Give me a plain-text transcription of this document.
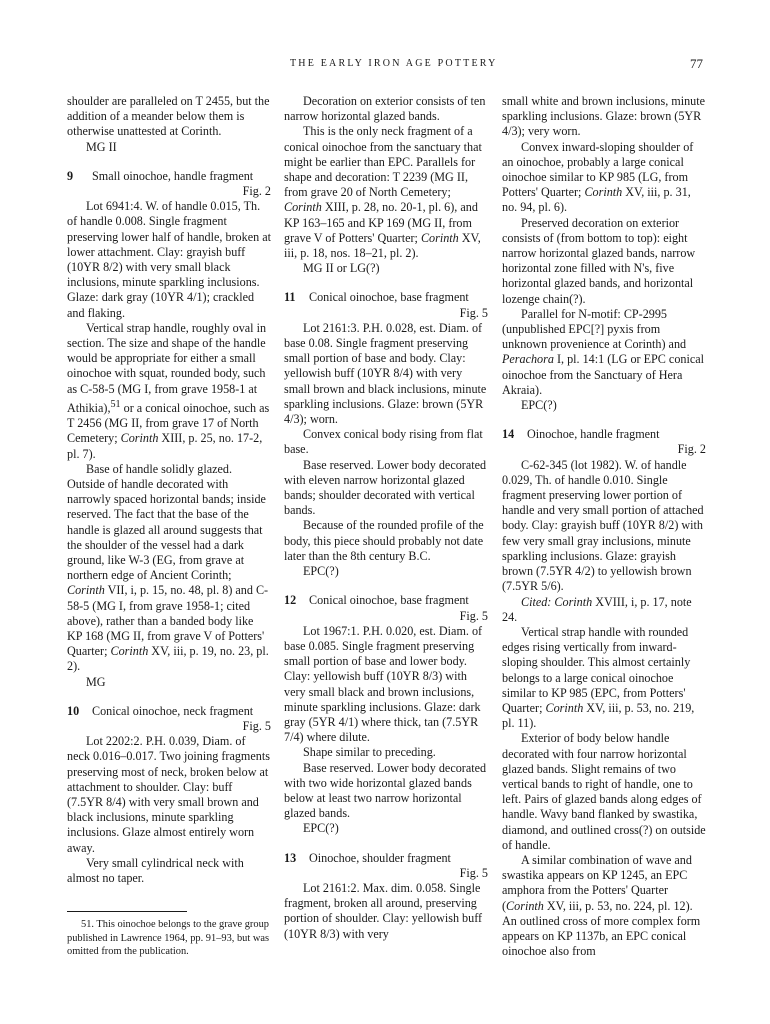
THE EARLY IRON AGE POTTERY	77

shoulder are paralleled on T 2455, but the addition of a meander below them is otherwise unattested at Corinth.

MG II

9	Small oinochoe, handle fragment
Fig. 2

Lot 6941:4. W. of handle 0.015, Th. of handle 0.008. Single fragment preserving lower half of handle, broken at lower attachment. Clay: grayish buff (10YR 8/2) with very small black inclusions, minute sparkling inclusions. Glaze: dark gray (10YR 4/1); crackled and flaking.

Vertical strap handle, roughly oval in section. The size and shape of the handle would be appropriate for either a small oinochoe with squat, rounded body, such as C-58-5 (MG I, from grave 1958-1 at Athikia),$^{51}$ or a conical oinochoe, such as T 2456 (MG II, from grave 17 of North Cemetery; Corinth XIII, p. 25, no. 17-2, pl. 7).

Base of handle solidly glazed. Outside of handle decorated with narrowly spaced horizontal bands; inside reserved. The fact that the base of the handle is glazed all around suggests that the shoulder of the vessel had a dark ground, like W-3 (EG, from grave at northern edge of Ancient Corinth; Corinth VII, i, p. 15, no. 48, pl. 8) and C-58-5 (MG I, from grave 1958-1; cited above), rather than a banded body like KP 168 (MG II, from grave V of Potters' Quarter; Corinth XV, iii, p. 19, no. 23, pl. 2).

MG

10	Conical oinochoe, neck fragment
Fig. 5

Lot 2202:2. P.H. 0.039, Diam. of neck 0.016–0.017. Two joining fragments preserving most of neck, broken below at attachment to shoulder. Clay: buff (7.5YR 8/4) with very small brown and black inclusions, minute sparkling inclusions. Glaze almost entirely worn away.

Very small cylindrical neck with almost no taper.

51. This oinochoe belongs to the grave group published in Lawrence 1964, pp. 91–93, but was omitted from the publication.

Decoration on exterior consists of ten narrow horizontal glazed bands.

This is the only neck fragment of a conical oinochoe from the sanctuary that might be earlier than EPC. Parallels for shape and decoration: T 2239 (MG II, from grave 20 of North Cemetery; Corinth XIII, p. 28, no. 20-1, pl. 6), and KP 163–165 and KP 169 (MG II, from grave V of Potters' Quarter; Corinth XV, iii, p. 18, nos. 18–21, pl. 2).

MG II or LG(?)

11	Conical oinochoe, base fragment
Fig. 5

Lot 2161:3. P.H. 0.028, est. Diam. of base 0.08. Single fragment preserving small portion of base and body. Clay: yellowish buff (10YR 8/4) with very small brown and black inclusions, minute sparkling inclusions. Glaze: brown (5YR 4/3); worn.

Convex conical body rising from flat base.

Base reserved. Lower body decorated with eleven narrow horizontal glazed bands; shoulder decorated with vertical bands.

Because of the rounded profile of the body, this piece should probably not date later than the 8th century B.C.

EPC(?)

12	Conical oinochoe, base fragment
Fig. 5

Lot 1967:1. P.H. 0.020, est. Diam. of base 0.085. Single fragment preserving small portion of base and lower body. Clay: yellowish buff (10YR 8/3) with very small black and brown inclusions, minute sparkling inclusions. Glaze: dark gray (5YR 4/1) where thick, tan (7.5YR 7/4) where dilute.

Shape similar to preceding.

Base reserved. Lower body decorated with two wide horizontal glazed bands below at least two narrow horizontal glazed bands.

EPC(?)

13	Oinochoe, shoulder fragment
Fig. 5

Lot 2161:2. Max. dim. 0.058. Single fragment, broken all around, preserving portion of shoulder. Clay: yellowish buff (10YR 8/3) with very

small white and brown inclusions, minute sparkling inclusions. Glaze: brown (5YR 4/3); very worn.

Convex inward-sloping shoulder of an oinochoe, probably a large conical oinochoe similar to KP 985 (LG, from Potters' Quarter; Corinth XV, iii, p. 31, no. 94, pl. 6).

Preserved decoration on exterior consists of (from bottom to top): eight narrow horizontal glazed bands, narrow horizontal zone filled with N's, five horizontal glazed bands, and horizontal lozenge chain(?).

Parallel for N-motif: CP-2995 (unpublished EPC[?] pyxis from unknown provenience at Corinth) and Perachora I, pl. 14:1 (LG or EPC conical oinochoe from the Sanctuary of Hera Akraia).

EPC(?)

14	Oinochoe, handle fragment
Fig. 2

C-62-345 (lot 1982). W. of handle 0.029, Th. of handle 0.010. Single fragment preserving lower portion of handle and very small portion of attached body. Clay: grayish buff (10YR 8/2) with few very small gray inclusions, minute sparkling inclusions. Glaze: grayish brown (7.5YR 4/2) to yellowish brown (7.5YR 5/6).

Cited: Corinth XVIII, i, p. 17, note 24.

Vertical strap handle with rounded edges rising vertically from inward-sloping shoulder. This almost certainly belongs to a large conical oinochoe similar to KP 985 (EPC, from Potters' Quarter; Corinth XV, iii, p. 53, no. 219, pl. 11).

Exterior of body below handle decorated with four narrow horizontal glazed bands. Slight remains of two vertical bands to right of handle, one to left. Pairs of glazed bands along edges of handle. Wavy band flanked by swastika, diamond, and outlined cross(?) on outside of handle.

A similar combination of wave and swastika appears on KP 1245, an EPC amphora from the Potters' Quarter (Corinth XV, iii, p. 53, no. 224, pl. 12). An outlined cross of more complex form appears on KP 1137b, an EPC conical oinochoe also from
